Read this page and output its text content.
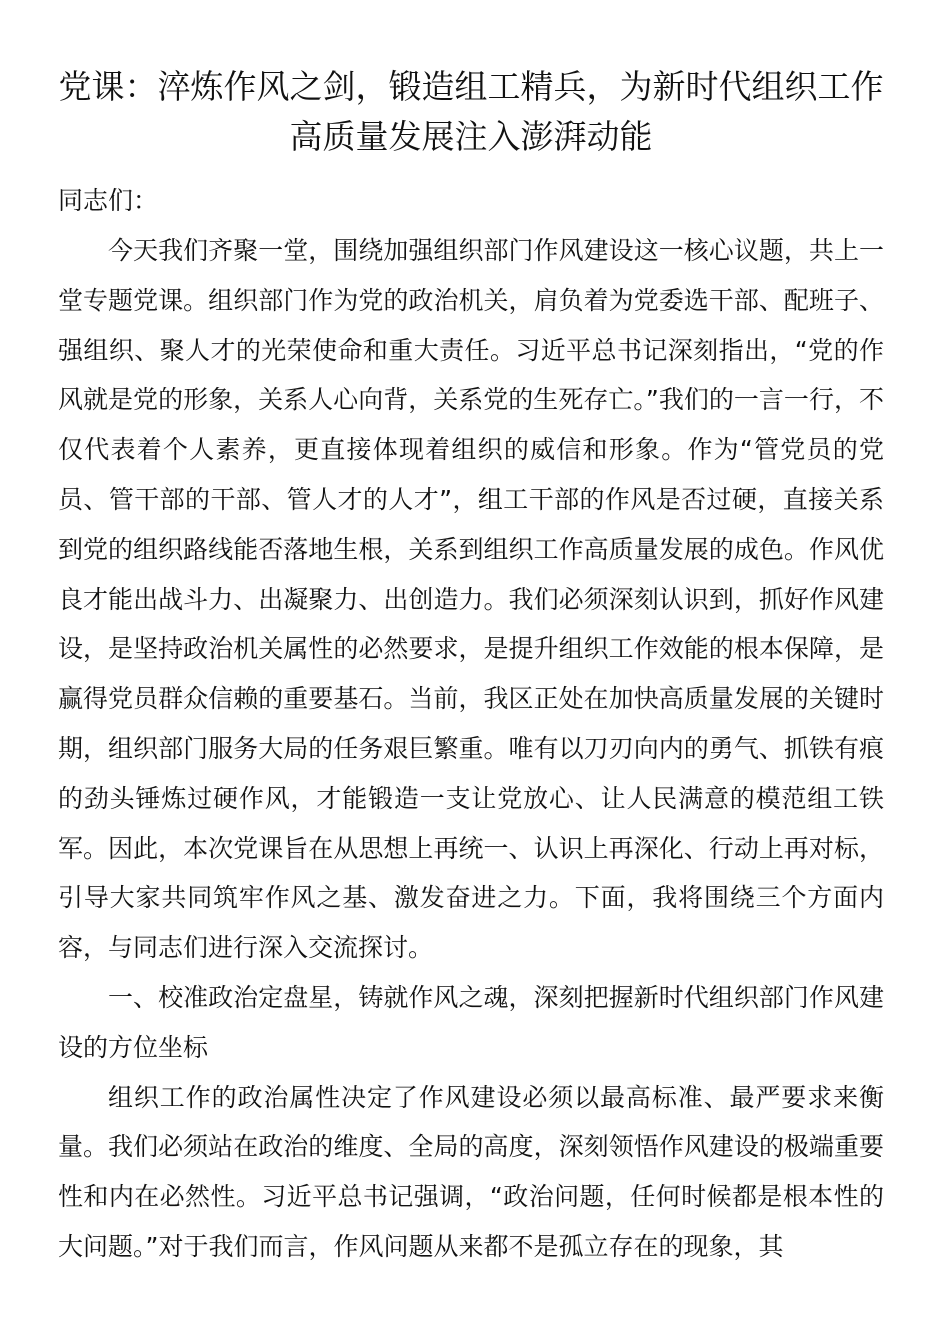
党课：淬炼作风之剑，锻造组工精兵，为新时代组织工作高质量发展注入澎湃动能

同志们：

今天我们齐聚一堂，围绕加强组织部门作风建设这一核心议题，共上一堂专题党课。组织部门作为党的政治机关，肩负着为党委选干部、配班子、强组织、聚人才的光荣使命和重大责任。习近平总书记深刻指出，“党的作风就是党的形象，关系人心向背，关系党的生死存亡。”我们的一言一行，不仅代表着个人素养，更直接体现着组织的威信和形象。作为“管党员的党员、管干部的干部、管人才的人才”，组工干部的作风是否过硬，直接关系到党的组织路线能否落地生根，关系到组织工作高质量发展的成色。作风优良才能出战斗力、出凝聚力、出创造力。我们必须深刻认识到，抓好作风建设，是坚持政治机关属性的必然要求，是提升组织工作效能的根本保障，是赢得党员群众信赖的重要基石。当前，我区正处在加快高质量发展的关键时期，组织部门服务大局的任务艰巨繁重。唯有以刀刃向内的勇气、抓铁有痕的劲头锤炼过硬作风，才能锻造一支让党放心、让人民满意的模范组工铁军。因此，本次党课旨在从思想上再统一、认识上再深化、行动上再对标，引导大家共同筑牢作风之基、激发奋进之力。下面，我将围绕三个方面内容，与同志们进行深入交流探讨。

一、校准政治定盘星，铸就作风之魂，深刻把握新时代组织部门作风建设的方位坐标

组织工作的政治属性决定了作风建设必须以最高标准、最严要求来衡量。我们必须站在政治的维度、全局的高度，深刻领悟作风建设的极端重要性和内在必然性。习近平总书记强调，“政治问题，任何时候都是根本性的大问题。”对于我们而言，作风问题从来都不是孤立存在的现象，其
